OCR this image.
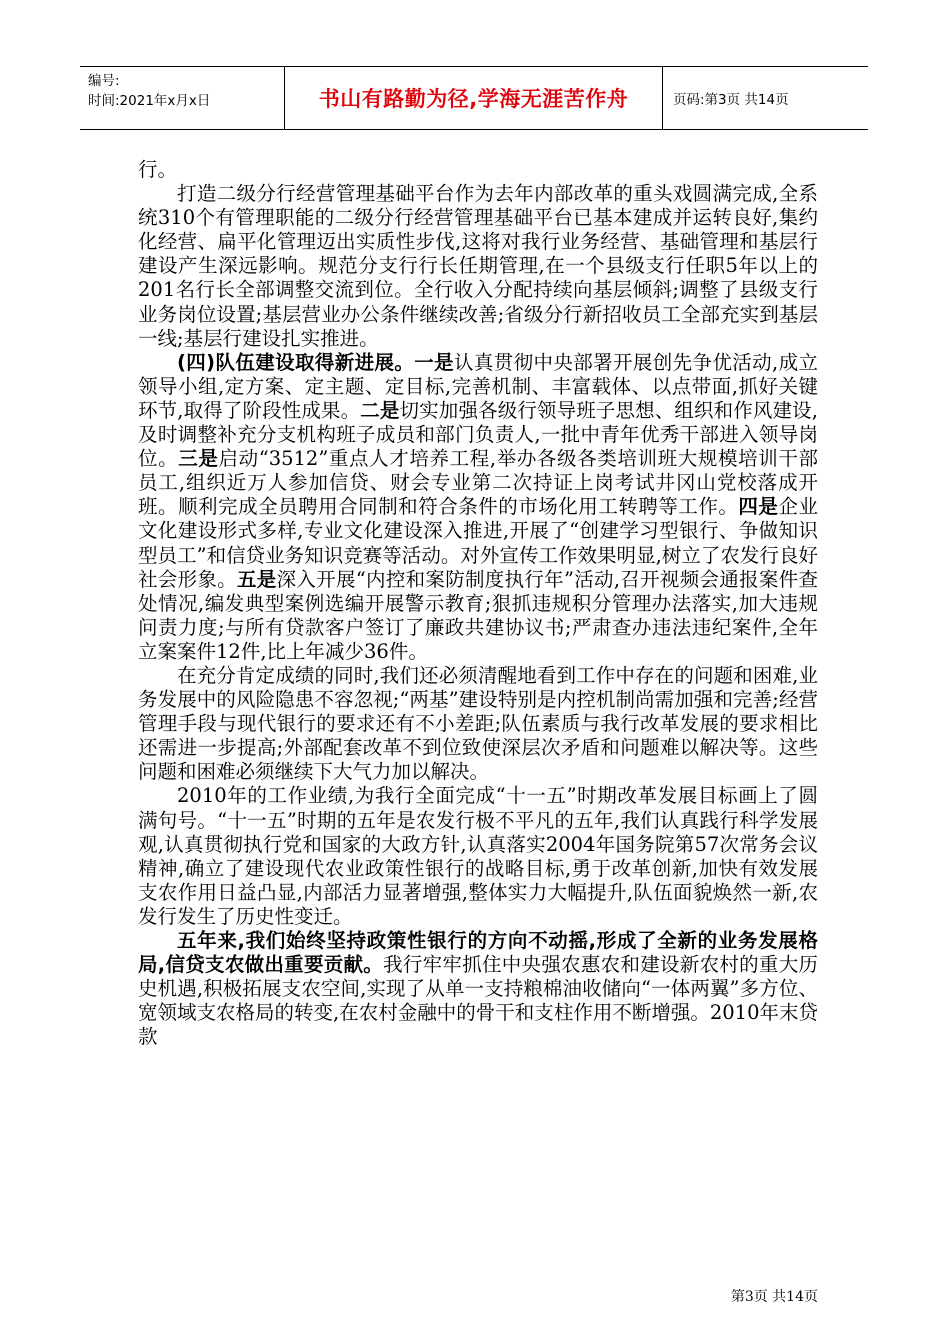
编号:
时间:2021年x月x日	书山有路勤为径,学海无涯苦作舟	页码:第3页 共14页

行。

打造二级分行经营管理基础平台作为去年内部改革的重头戏圆满完成,全系统310个有管理职能的二级分行经营管理基础平台已基本建成并运转良好,集约化经营、扁平化管理迈出实质性步伐,这将对我行业务经营、基础管理和基层行建设产生深远影响。规范分支行行长任期管理,在一个县级支行任职5年以上的201名行长全部调整交流到位。全行收入分配持续向基层倾斜;调整了县级支行业务岗位设置;基层营业办公条件继续改善;省级分行新招收员工全部充实到基层一线;基层行建设扎实推进。

(四)队伍建设取得新进展。一是认真贯彻中央部署开展创先争优活动,成立领导小组,定方案、定主题、定目标,完善机制、丰富载体、以点带面,抓好关键环节,取得了阶段性成果。二是切实加强各级行领导班子思想、组织和作风建设,及时调整补充分支机构班子成员和部门负责人,一批中青年优秀干部进入领导岗位。三是启动“3512”重点人才培养工程,举办各级各类培训班大规模培训干部员工,组织近万人参加信贷、财会专业第二次持证上岗考试井冈山党校落成开班。顺利完成全员聘用合同制和符合条件的市场化用工转聘等工作。四是企业文化建设形式多样,专业文化建设深入推进,开展了“创建学习型银行、争做知识型员工”和信贷业务知识竞赛等活动。对外宣传工作效果明显,树立了农发行良好社会形象。五是深入开展“内控和案防制度执行年”活动,召开视频会通报案件查处情况,编发典型案例选编开展警示教育;狠抓违规积分管理办法落实,加大违规问责力度;与所有贷款客户签订了廉政共建协议书;严肃查办违法违纪案件,全年立案案件12件,比上年减少36件。

在充分肯定成绩的同时,我们还必须清醒地看到工作中存在的问题和困难,业务发展中的风险隐患不容忽视;“两基”建设特别是内控机制尚需加强和完善;经营管理手段与现代银行的要求还有不小差距;队伍素质与我行改革发展的要求相比还需进一步提高;外部配套改革不到位致使深层次矛盾和问题难以解决等。这些问题和困难必须继续下大气力加以解决。

2010年的工作业绩,为我行全面完成“十一五”时期改革发展目标画上了圆满句号。“十一五”时期的五年是农发行极不平凡的五年,我们认真践行科学发展观,认真贯彻执行党和国家的大政方针,认真落实2004年国务院第57次常务会议精神,确立了建设现代农业政策性银行的战略目标,勇于改革创新,加快有效发展支农作用日益凸显,内部活力显著增强,整体实力大幅提升,队伍面貌焕然一新,农发行发生了历史性变迁。

五年来,我们始终坚持政策性银行的方向不动摇,形成了全新的业务发展格局,信贷支农做出重要贡献。我行牢牢抓住中央强农惠农和建设新农村的重大历史机遇,积极拓展支农空间,实现了从单一支持粮棉油收储向“一体两翼”多方位、宽领域支农格局的转变,在农村金融中的骨干和支柱作用不断增强。2010年末贷款

第3页 共14页
